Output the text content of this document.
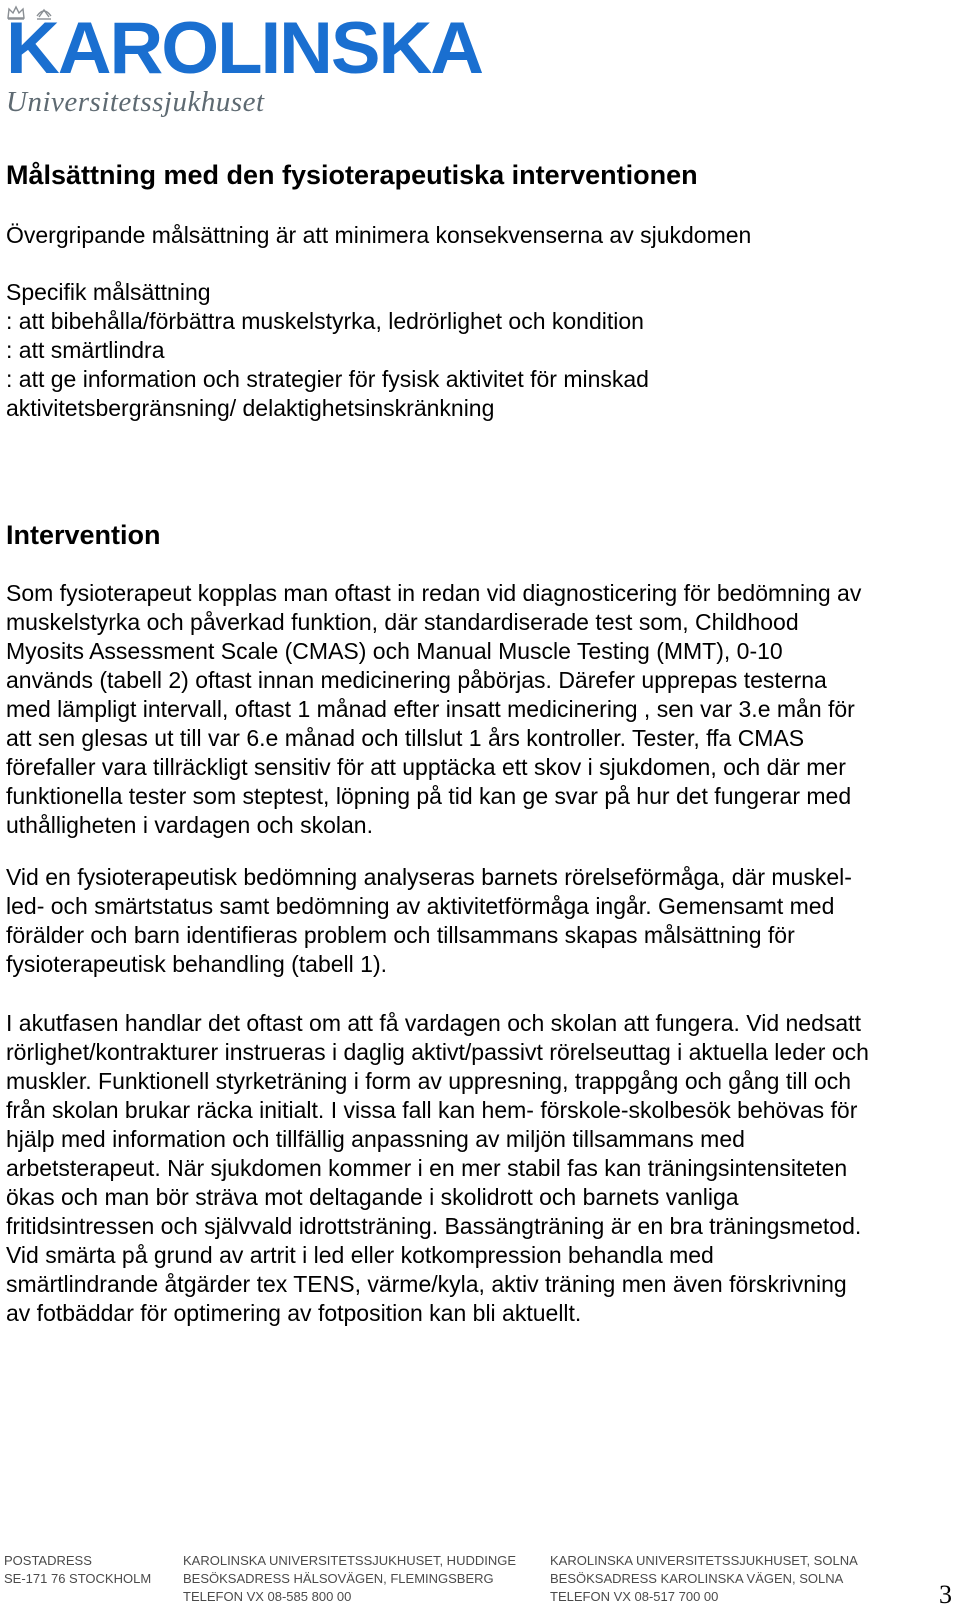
KAROLINSKA
Universitetssjukhuset
Målsättning med den fysioterapeutiska interventionen

Övergripande målsättning är att minimera konsekvenserna av sjukdomen

Specifik målsättning
: att bibehålla/förbättra muskelstyrka, ledrörlighet och kondition
: att smärtlindra
: att ge information och strategier för fysisk aktivitet för minskad
aktivitetsbergränsning/ delaktighetsinskränkning

Intervention

Som fysioterapeut kopplas man oftast in redan vid diagnosticering för bedömning av
muskelstyrka och påverkad funktion, där standardiserade test som, Childhood
Myosits Assessment Scale (CMAS) och Manual Muscle Testing (MMT), 0-10
används (tabell 2) oftast innan medicinering påbörjas. Därefer upprepas testerna
med lämpligt intervall, oftast 1 månad efter insatt medicinering , sen var 3.e mån för
att sen glesas ut till var 6.e månad och tillslut 1 års kontroller. Tester, ffa CMAS
förefaller vara tillräckligt sensitiv för att upptäcka ett skov i sjukdomen, och där mer
funktionella tester som steptest, löpning på tid kan ge svar på hur det fungerar med
uthålligheten i vardagen och skolan.

Vid en fysioterapeutisk bedömning analyseras barnets rörelseförmåga, där muskel-
led- och smärtstatus samt bedömning av aktivitetförmåga ingår. Gemensamt med
förälder och barn identifieras problem och tillsammans skapas målsättning för
fysioterapeutisk behandling (tabell 1).

I akutfasen handlar det oftast om att få vardagen och skolan att fungera. Vid nedsatt
rörlighet/kontrakturer instrueras i daglig aktivt/passivt rörelseuttag i aktuella leder och
muskler. Funktionell styrketräning i form av uppresning, trappgång och gång till och
från skolan brukar räcka initialt. I vissa fall kan hem- förskole-skolbesök behövas för
hjälp med information och tillfällig anpassning av miljön tillsammans med
arbetsterapeut. När sjukdomen kommer i en mer stabil fas kan träningsintensiteten
ökas och man bör sträva mot deltagande i skolidrott och barnets vanliga
fritidsintressen och självvald idrottsträning. Bassängträning är en bra träningsmetod.
Vid smärta på grund av artrit i led eller kotkompression behandla med
smärtlindrande åtgärder tex TENS, värme/kyla, aktiv träning men även förskrivning
av fotbäddar för optimering av fotposition kan bli aktuellt.

POSTADRESS
SE-171 76 STOCKHOLM
KAROLINSKA UNIVERSITETSSJUKHUSET, HUDDINGE
BESÖKSADRESS HÄLSOVÄGEN, FLEMINGSBERG
TELEFON VX 08-585 800 00
KAROLINSKA UNIVERSITETSSJUKHUSET, SOLNA
BESÖKSADRESS KAROLINSKA VÄGEN, SOLNA
TELEFON VX 08-517 700 00	3
